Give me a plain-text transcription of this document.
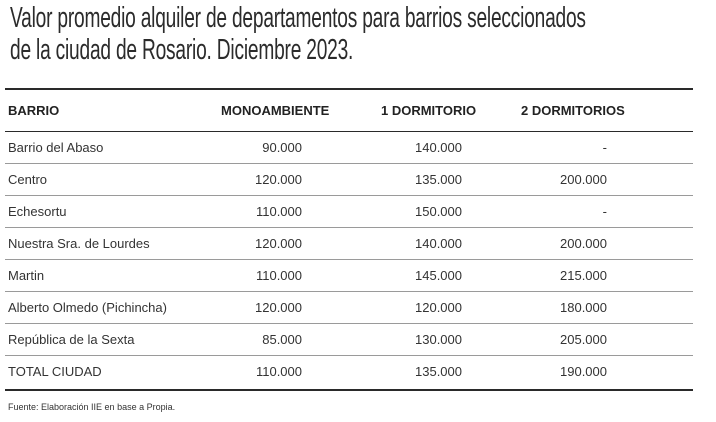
Valor promedio alquiler de departamentos para barrios seleccionados
de la ciudad de Rosario. Diciembre 2023.
BARRIO	MONOAMBIENTE	1 DORMITORIO	2 DORMITORIOS
Barrio del Abaso	90.000	140.000	-
Centro	120.000	135.000	200.000
Echesortu	110.000	150.000	-
Nuestra Sra. de Lourdes	120.000	140.000	200.000
Martin	110.000	145.000	215.000
Alberto Olmedo (Pichincha)	120.000	120.000	180.000
República de la Sexta	85.000	130.000	205.000
TOTAL CIUDAD	110.000	135.000	190.000
Fuente: Elaboración IIE en base a Propia.
